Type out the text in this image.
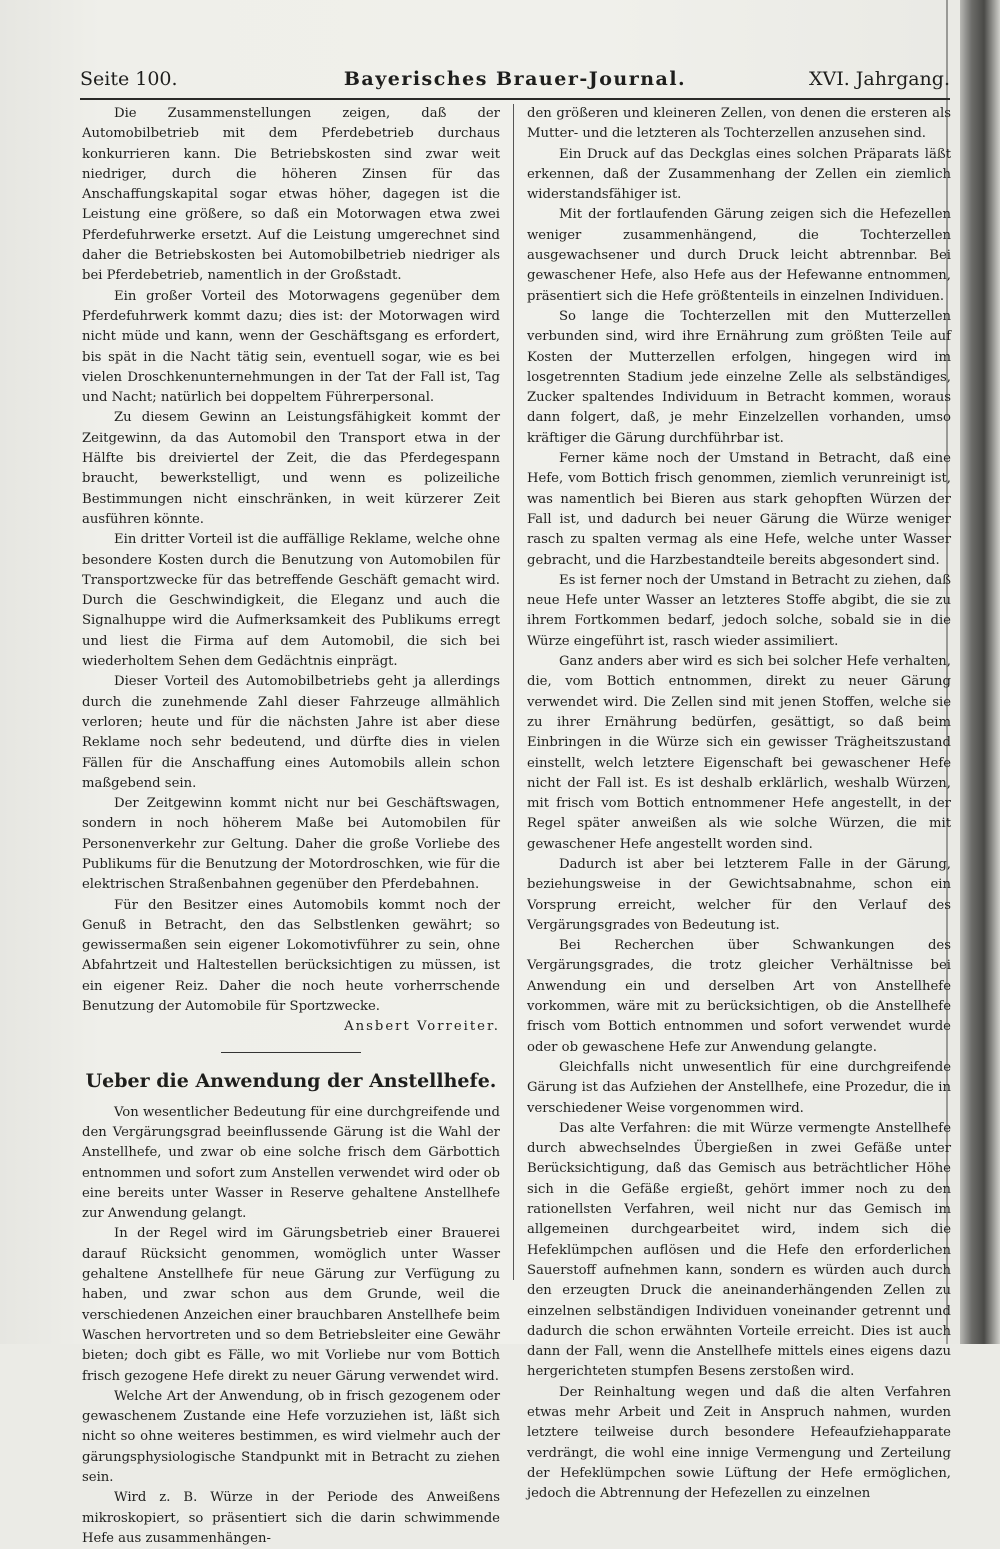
Seite 100.	Bayerisches Brauer-Journal.	XVI. Jahrgang.

Die Zusammenstellungen zeigen, daß der Automobilbetrieb mit dem Pferdebetrieb durchaus konkurrieren kann. Die Betriebskosten sind zwar weit niedriger, durch die höheren Zinsen für das Anschaffungskapital sogar etwas höher, dagegen ist die Leistung eine größere, so daß ein Motorwagen etwa zwei Pferdefuhrwerke ersetzt. Auf die Leistung umgerechnet sind daher die Betriebskosten bei Automobilbetrieb niedriger als bei Pferdebetrieb, namentlich in der Großstadt.

Ein großer Vorteil des Motorwagens gegenüber dem Pferdefuhrwerk kommt dazu; dies ist: der Motorwagen wird nicht müde und kann, wenn der Geschäftsgang es erfordert, bis spät in die Nacht tätig sein, eventuell sogar, wie es bei vielen Droschkenunternehmungen in der Tat der Fall ist, Tag und Nacht; natürlich bei doppeltem Führerpersonal.

Zu diesem Gewinn an Leistungsfähigkeit kommt der Zeitgewinn, da das Automobil den Transport etwa in der Hälfte bis dreiviertel der Zeit, die das Pferdegespann braucht, bewerkstelligt, und wenn es polizeiliche Bestimmungen nicht einschränken, in weit kürzerer Zeit ausführen könnte.

Ein dritter Vorteil ist die auffällige Reklame, welche ohne besondere Kosten durch die Benutzung von Automobilen für Transportzwecke für das betreffende Geschäft gemacht wird. Durch die Geschwindigkeit, die Eleganz und auch die Signalhuppe wird die Aufmerksamkeit des Publikums erregt und liest die Firma auf dem Automobil, die sich bei wiederholtem Sehen dem Gedächtnis einprägt.

Dieser Vorteil des Automobilbetriebs geht ja allerdings durch die zunehmende Zahl dieser Fahrzeuge allmählich verloren; heute und für die nächsten Jahre ist aber diese Reklame noch sehr bedeutend, und dürfte dies in vielen Fällen für die Anschaffung eines Automobils allein schon maßgebend sein.

Der Zeitgewinn kommt nicht nur bei Geschäftswagen, sondern in noch höherem Maße bei Automobilen für Personenverkehr zur Geltung. Daher die große Vorliebe des Publikums für die Benutzung der Motordroschken, wie für die elektrischen Straßenbahnen gegenüber den Pferdebahnen.

Für den Besitzer eines Automobils kommt noch der Genuß in Betracht, den das Selbstlenken gewährt; so gewissermaßen sein eigener Lokomotivführer zu sein, ohne Abfahrtzeit und Haltestellen berücksichtigen zu müssen, ist ein eigener Reiz. Daher die noch heute vorherrschende Benutzung der Automobile für Sportzwecke.

Ansbert Vorreiter.

Ueber die Anwendung der Anstellhefe.

Von wesentlicher Bedeutung für eine durchgreifende und den Vergärungsgrad beeinflussende Gärung ist die Wahl der Anstellhefe, und zwar ob eine solche frisch dem Gärbottich entnommen und sofort zum Anstellen verwendet wird oder ob eine bereits unter Wasser in Reserve gehaltene Anstellhefe zur Anwendung gelangt.

In der Regel wird im Gärungsbetrieb einer Brauerei darauf Rücksicht genommen, womöglich unter Wasser gehaltene Anstellhefe für neue Gärung zur Verfügung zu haben, und zwar schon aus dem Grunde, weil die verschiedenen Anzeichen einer brauchbaren Anstellhefe beim Waschen hervortreten und so dem Betriebsleiter eine Gewähr bieten; doch gibt es Fälle, wo mit Vorliebe nur vom Bottich frisch gezogene Hefe direkt zu neuer Gärung verwendet wird.

Welche Art der Anwendung, ob in frisch gezogenem oder gewaschenem Zustande eine Hefe vorzuziehen ist, läßt sich nicht so ohne weiteres bestimmen, es wird vielmehr auch der gärungsphysiologische Standpunkt mit in Betracht zu ziehen sein.

Wird z. B. Würze in der Periode des Anweißens mikroskopiert, so präsentiert sich die darin schwimmende Hefe aus zusammenhängen-

den größeren und kleineren Zellen, von denen die ersteren als Mutter- und die letzteren als Tochterzellen anzusehen sind.

Ein Druck auf das Deckglas eines solchen Präparats läßt erkennen, daß der Zusammenhang der Zellen ein ziemlich widerstandsfähiger ist.

Mit der fortlaufenden Gärung zeigen sich die Hefezellen weniger zusammenhängend, die Tochterzellen ausgewachsener und durch Druck leicht abtrennbar. Bei gewaschener Hefe, also Hefe aus der Hefewanne entnommen, präsentiert sich die Hefe größtenteils in einzelnen Individuen.

So lange die Tochterzellen mit den Mutterzellen verbunden sind, wird ihre Ernährung zum größten Teile auf Kosten der Mutterzellen erfolgen, hingegen wird im losgetrennten Stadium jede einzelne Zelle als selbständiges, Zucker spaltendes Individuum in Betracht kommen, woraus dann folgert, daß, je mehr Einzelzellen vorhanden, umso kräftiger die Gärung durchführbar ist.

Ferner käme noch der Umstand in Betracht, daß eine Hefe, vom Bottich frisch genommen, ziemlich verunreinigt ist, was namentlich bei Bieren aus stark gehopften Würzen der Fall ist, und dadurch bei neuer Gärung die Würze weniger rasch zu spalten vermag als eine Hefe, welche unter Wasser gebracht, und die Harzbestandteile bereits abgesondert sind.

Es ist ferner noch der Umstand in Betracht zu ziehen, daß neue Hefe unter Wasser an letzteres Stoffe abgibt, die sie zu ihrem Fortkommen bedarf, jedoch solche, sobald sie in die Würze eingeführt ist, rasch wieder assimiliert.

Ganz anders aber wird es sich bei solcher Hefe verhalten, die, vom Bottich entnommen, direkt zu neuer Gärung verwendet wird. Die Zellen sind mit jenen Stoffen, welche sie zu ihrer Ernährung bedürfen, gesättigt, so daß beim Einbringen in die Würze sich ein gewisser Trägheitszustand einstellt, welch letztere Eigenschaft bei gewaschener Hefe nicht der Fall ist. Es ist deshalb erklärlich, weshalb Würzen, mit frisch vom Bottich entnommener Hefe angestellt, in der Regel später anweißen als wie solche Würzen, die mit gewaschener Hefe angestellt worden sind.

Dadurch ist aber bei letzterem Falle in der Gärung, beziehungsweise in der Gewichtsabnahme, schon ein Vorsprung erreicht, welcher für den Verlauf des Vergärungsgrades von Bedeutung ist.

Bei Recherchen über Schwankungen des Vergärungsgrades, die trotz gleicher Verhältnisse bei Anwendung ein und derselben Art von Anstellhefe vorkommen, wäre mit zu berücksichtigen, ob die Anstellhefe frisch vom Bottich entnommen und sofort verwendet wurde oder ob gewaschene Hefe zur Anwendung gelangte.

Gleichfalls nicht unwesentlich für eine durchgreifende Gärung ist das Aufziehen der Anstellhefe, eine Prozedur, die in verschiedener Weise vorgenommen wird.

Das alte Verfahren: die mit Würze vermengte Anstellhefe durch abwechselndes Übergießen in zwei Gefäße unter Berücksichtigung, daß das Gemisch aus beträchtlicher Höhe sich in die Gefäße ergießt, gehört immer noch zu den rationellsten Verfahren, weil nicht nur das Gemisch im allgemeinen durchgearbeitet wird, indem sich die Hefeklümpchen auflösen und die Hefe den erforderlichen Sauerstoff aufnehmen kann, sondern es würden auch durch den erzeugten Druck die aneinanderhängenden Zellen zu einzelnen selbständigen Individuen voneinander getrennt und dadurch die schon erwähnten Vorteile erreicht. Dies ist auch dann der Fall, wenn die Anstellhefe mittels eines eigens dazu hergerichteten stumpfen Besens zerstoßen wird.

Der Reinhaltung wegen und daß die alten Verfahren etwas mehr Arbeit und Zeit in Anspruch nahmen, wurden letztere teilweise durch besondere Hefeaufziehapparate verdrängt, die wohl eine innige Vermengung und Zerteilung der Hefeklümpchen sowie Lüftung der Hefe ermöglichen, jedoch die Abtrennung der Hefezellen zu einzelnen
